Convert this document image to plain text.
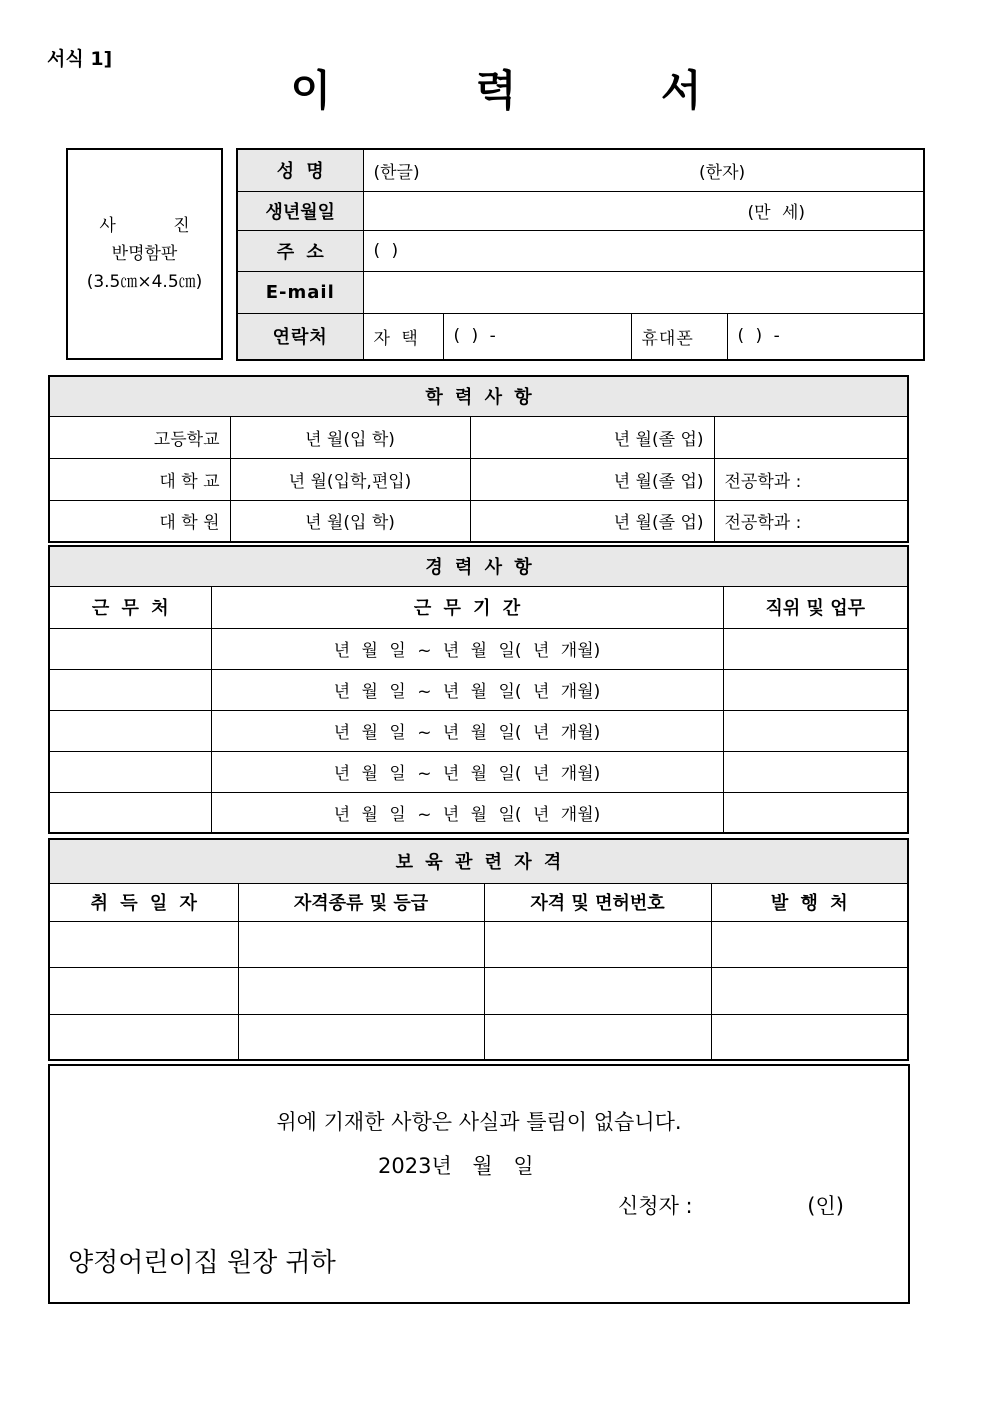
서식 1]
이	력	서
사 진
반명함판
(3.5㎝×4.5㎝)
성 명	(한글) (한자)			
생년월일	(만 세)			
주 소	( )			
E-mail				
연락처	자 택	( ) -	휴대폰	( ) -
학 력 사 항			
고등학교	년 월(입 학)	년 월(졸 업)	
대 학 교	년 월(입학,편입)	년 월(졸 업)	전공학과 :
대 학 원	년 월(입 학)	년 월(졸 업)	전공학과 :
경 력 사 항		
근 무 처	근 무 기 간	직위 및 업무
	년 월 일 ~ 년 월 일( 년 개월)	
	년 월 일 ~ 년 월 일( 년 개월)	
	년 월 일 ~ 년 월 일( 년 개월)	
	년 월 일 ~ 년 월 일( 년 개월)	
	년 월 일 ~ 년 월 일( 년 개월)	
보 육 관 련 자 격			
취 득 일 자	자격종류 및 등급	자격 및 면허번호	발 행 처

위에 기재한 사항은 사실과 틀림이 없습니다.
2023년 월 일
신청자 :	(인)
양정어린이집 원장 귀하
